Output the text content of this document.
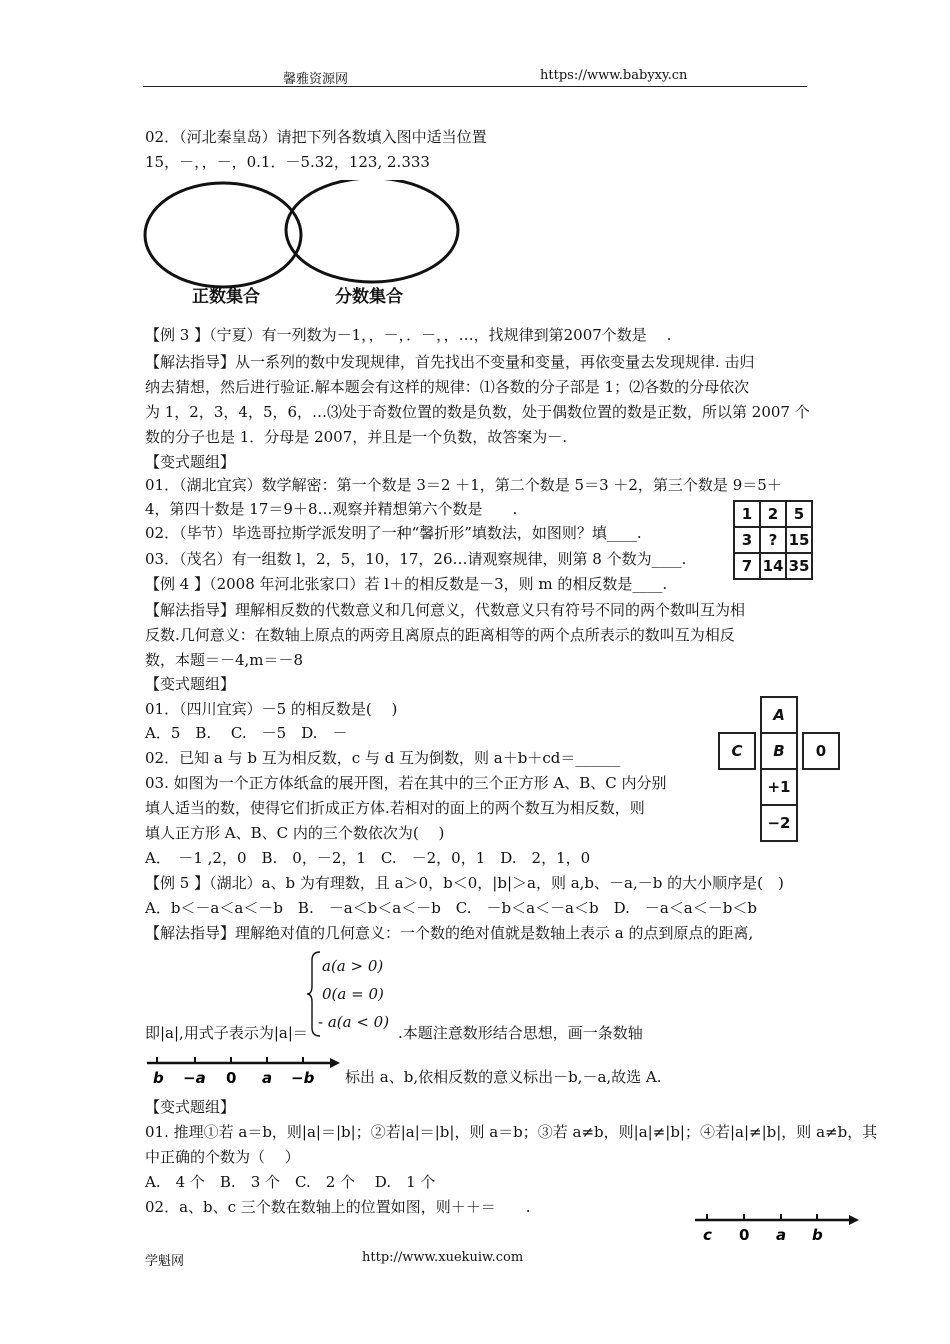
馨雅资源网	https://www.babyxy.cn
02．（河北秦皇岛）请把下列各数填入图中适当位置
15，－，，－，0.1．－5.32，123, 2.333
正数集合	分数集合
【例 3 】（宁夏）有一列数为－1，，－，．－，，…，找规律到第2007个数是　 .
【解法指导】从一系列的数中发现规律，首先找出不变量和变量，再依变量去发现规律. 击归
纳去猜想，然后进行验证.解本题会有这样的规律：⑴各数的分子部是 1；⑵各数的分母依次
为 1，2，3，4，5，6，…⑶处于奇数位置的数是负数，处于偶数位置的数是正数，所以第 2007 个
数的分子也是 1．分母是 2007，并且是一个负数，故答案为－.
【变式题组】
01．（湖北宜宾）数学解密：第一个数是 3＝2 ＋1，第二个数是 5＝3 ＋2，第三个数是 9＝5＋
4，第四十数是 17＝9＋8…观察并精想第六个数是　　.
02．（毕节）毕选哥拉斯学派发明了一种“馨折形”填数法，如图则？填____.
03．（茂名）有一组数 l，2，5，10，17，26…请观察规律，则第 8 个数为____.
1	2	5
3	?	15
7	14	35
【例 4 】（2008 年河北张家口）若 l＋的相反数是－3，则 m 的相反数是____.
【解法指导】理解相反数的代数意义和几何意义，代数意义只有符号不同的两个数叫互为相
反数.几何意义：在数轴上原点的两旁且离原点的距离相等的两个点所表示的数叫互为相反
数，本题＝－4,m＝－8
【变式题组】
01．（四川宜宾）－5 的相反数是(　 )
A．5　B.　 C.　－5　D.　－
02．已知 a 与 b 互为相反数，c 与 d 互为倒数，则 a＋b＋cd＝______
03. 如图为一个正方体纸盒的展开图，若在其中的三个正方形 A、B、C 内分别
填人适当的数，使得它们折成正方体.若相对的面上的两个数互为相反数，则
填人正方形 A、B、C 内的三个数依次为(　 )
A．　－1 ,2，0　B.　0，－2，1　C.　－2，0，1　D.　2，1，0
A
C B 0
+1
−2
【例 5 】（湖北）a、b 为有理数，且 a＞0，b＜0，|b|＞a，则 a,b、－a,－b 的大小顺序是(　)
A．b＜－a＜a＜－b　B.　－a＜b＜a＜－b　C.　－b＜a＜－a＜b　D.　－a＜a＜－b＜b
【解法指导】理解绝对值的几何意义：一个数的绝对值就是数轴上表示 a 的点到原点的距离,
即|a|,用式子表示为|a|＝
a(a > 0)
0(a = 0)
- a(a < 0)
.本题注意数形结合思想，画一条数轴
b −a 0 a −b 标出 a、b,依相反数的意义标出－b,－a,故选 A.
【变式题组】
01. 推理①若 a＝b，则|a|＝|b|；②若|a|＝|b|，则 a＝b；③若 a≠b，则|a|≠|b|；④若|a|≠|b|，则 a≠b，其
中正确的个数为（　 ）
A.　4 个　B.　3 个　C.　2 个　 D.　1 个
02．a、b、c 三个数在数轴上的位置如图，则＋＋＝　　.
c 0 a b
学魁网	http://www.xuekuiw.com
